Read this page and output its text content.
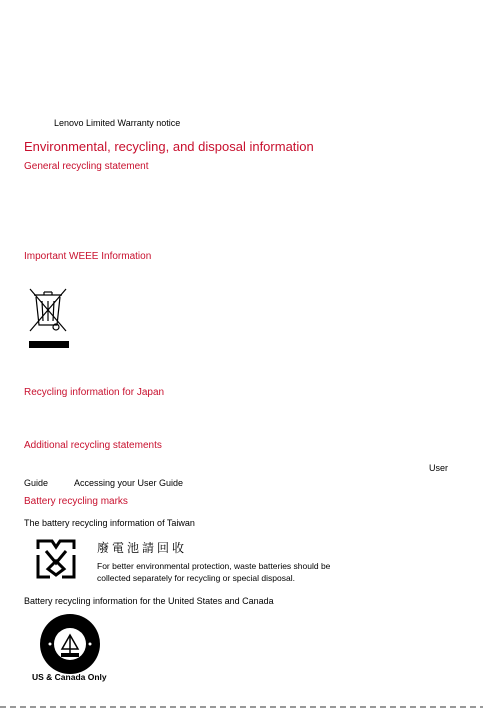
Lenovo Limited Warranty notice
Environmental, recycling, and disposal information
General recycling statement
Important WEEE Information
Recycling information for Japan
Additional recycling statements
User
Guide	Accessing your User Guide
Battery recycling marks
The battery recycling information of Taiwan
廢電池請回收
For better environmental protection, waste batteries should be
collected separately for recycling or special disposal.
Battery recycling information for the United States and Canada
US & Canada Only
